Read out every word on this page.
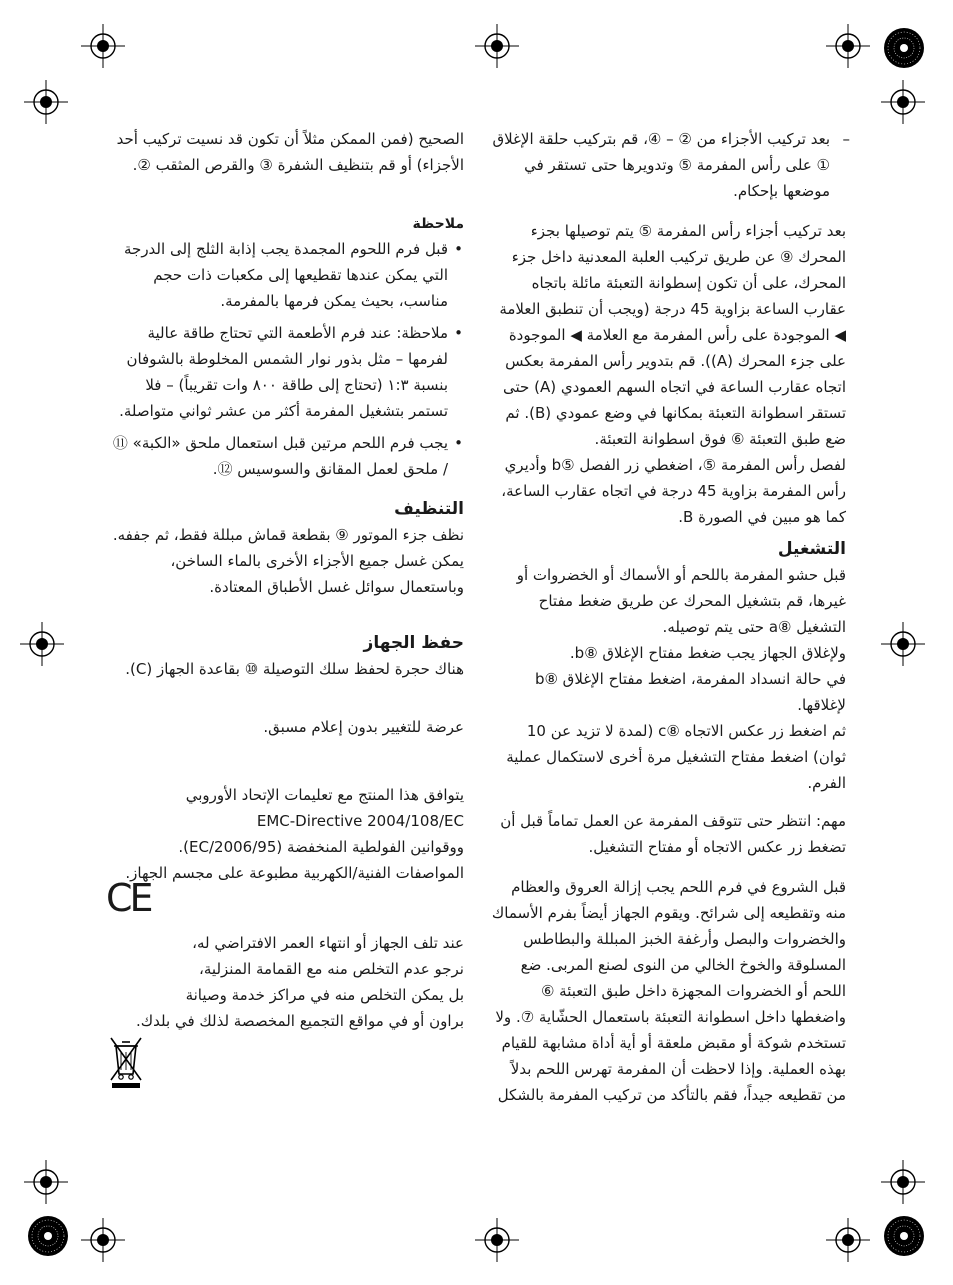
– بعد تركيب الأجزاء من ② – ④، قم بتركيب حلقة الإغلاق ① على رأس المفرمة ⑤ وتدويرها حتى تستقر في موضعها بإحكام.

بعد تركيب أجزاء رأس المفرمة ⑤ يتم توصيلها بجزء المحرك ⑨ عن طريق تركيب العلبة المعدنية داخل جزء المحرك، على أن تكون إسطوانة التعبئة مائلة باتجاه عقارب الساعة بزاوية 45 درجة (ويجب أن تنطبق العلامة ◀ الموجودة على رأس المفرمة مع العلامة ◀ الموجودة على جزء المحرك (A)). قم بتدوير رأس المفرمة بعكس اتجاه عقارب الساعة في اتجاه السهم العمودي (A) حتى تستقر اسطوانة التعبئة بمكانها في وضع عمودي (B). ثم ضع طبق التعبئة ⑥ فوق اسطوانة التعبئة.

لفصل رأس المفرمة ⑤، اضغطي زر الفصل ⑤b وأديري رأس المفرمة بزاوية 45 درجة في اتجاه عقارب الساعة، كما هو مبين في الصورة B.

التشغيل

قبل حشو المفرمة باللحم أو الأسماك أو الخضروات أو غيرها، قم بتشغيل المحرك عن طريق ضغط مفتاح التشغيل ⑧a حتى يتم توصيله.

ولإغلاق الجهاز يجب ضغط مفتاح الإغلاق ⑧b.

في حالة انسداد المفرمة، اضغط مفتاح الإغلاق ⑧b لإغلاقها.

ثم اضغط زر عكس الاتجاه ⑧c (لمدة لا تزيد عن 10 ثوان) اضغط مفتاح التشغيل مرة أخرى لاستكمال عملية الفرم.

مهم: انتظر حتى تتوقف المفرمة عن العمل تماماً قبل أن تضغط زر عكس الاتجاه أو مفتاح التشغيل.

قبل الشروع في فرم اللحم يجب إزالة العروق والعظام منه وتقطيعه إلى شرائح. ويقوم الجهاز أيضاً بفرم الأسماك والخضروات والبصل وأرغفة الخبز المبللة والبطاطس المسلوقة والخوخ الخالي من النوى لصنع المربى. ضع اللحم أو الخضروات المجهزة داخل طبق التعبئة ⑥ واضغطها داخل اسطوانة التعبئة باستعمال الحشّاية ⑦. ولا تستخدم شوكة أو مقبض ملعقة أو أية أداة مشابهة للقيام بهذه العملية. وإذا لاحظت أن المفرمة تهرس اللحم بدلاً من تقطيعه جيداً، فقم بالتأكد من تركيب المفرمة بالشكل

الصحيح (فمن الممكن مثلاً أن تكون قد نسيت تركيب أحد الأجزاء) أو قم بتنظيف الشفرة ③ والقرص المثقب ②.

ملاحظة
• قبل فرم اللحوم المجمدة يجب إذابة الثلج إلى الدرجة التي يمكن عندها تقطيعها إلى مكعبات ذات حجم مناسب، بحيث يمكن فرمها بالمفرمة.
• ملاحظة: عند فرم الأطعمة التي تحتاج طاقة عالية لفرمها – مثل بذور نوار الشمس المخلوطة بالشوفان بنسبة ١:٣ (تحتاج إلى طاقة ٨٠٠ وات تقريباً) – فلا تستمر بتشغيل المفرمة أكثر من عشر ثواني متواصلة.
• يجب فرم اللحم مرتين قبل استعمال ملحق «الكبة» ⑪ / ملحق لعمل المقانق والسوسيس ⑫.
التنظيف

نظف جزء الموتور ⑨ بقطعة قماش مبللة فقط، ثم جففه.

يمكن غسل جميع الأجزاء الأخرى بالماء الساخن، وباستعمال سوائل غسل الأطباق المعتادة.

حفظ الجهاز

هناك حجرة لحفظ سلك التوصيلة ⑩ بقاعدة الجهاز (C).

عرضة للتغيير بدون إعلام مسبق.

يتوافق هذا المنتج مع تعليمات الإتحاد الأوروبي

EMC-Directive 2004/108/EC

ووقوانين الفولطية المنخفضة (2006/95/EC).

المواصفات الفنية/الكهربية مطبوعة على مجسم الجهاز.

عند تلف الجهاز أو انتهاء العمر الافتراضي له،

نرجو عدم التخلص منه مع القمامة المنزلية،

بل يمكن التخلص منه في مراكز خدمة وصيانة

براون أو في مواقع التجميع المخصصة لذلك في بلدك.

CE
